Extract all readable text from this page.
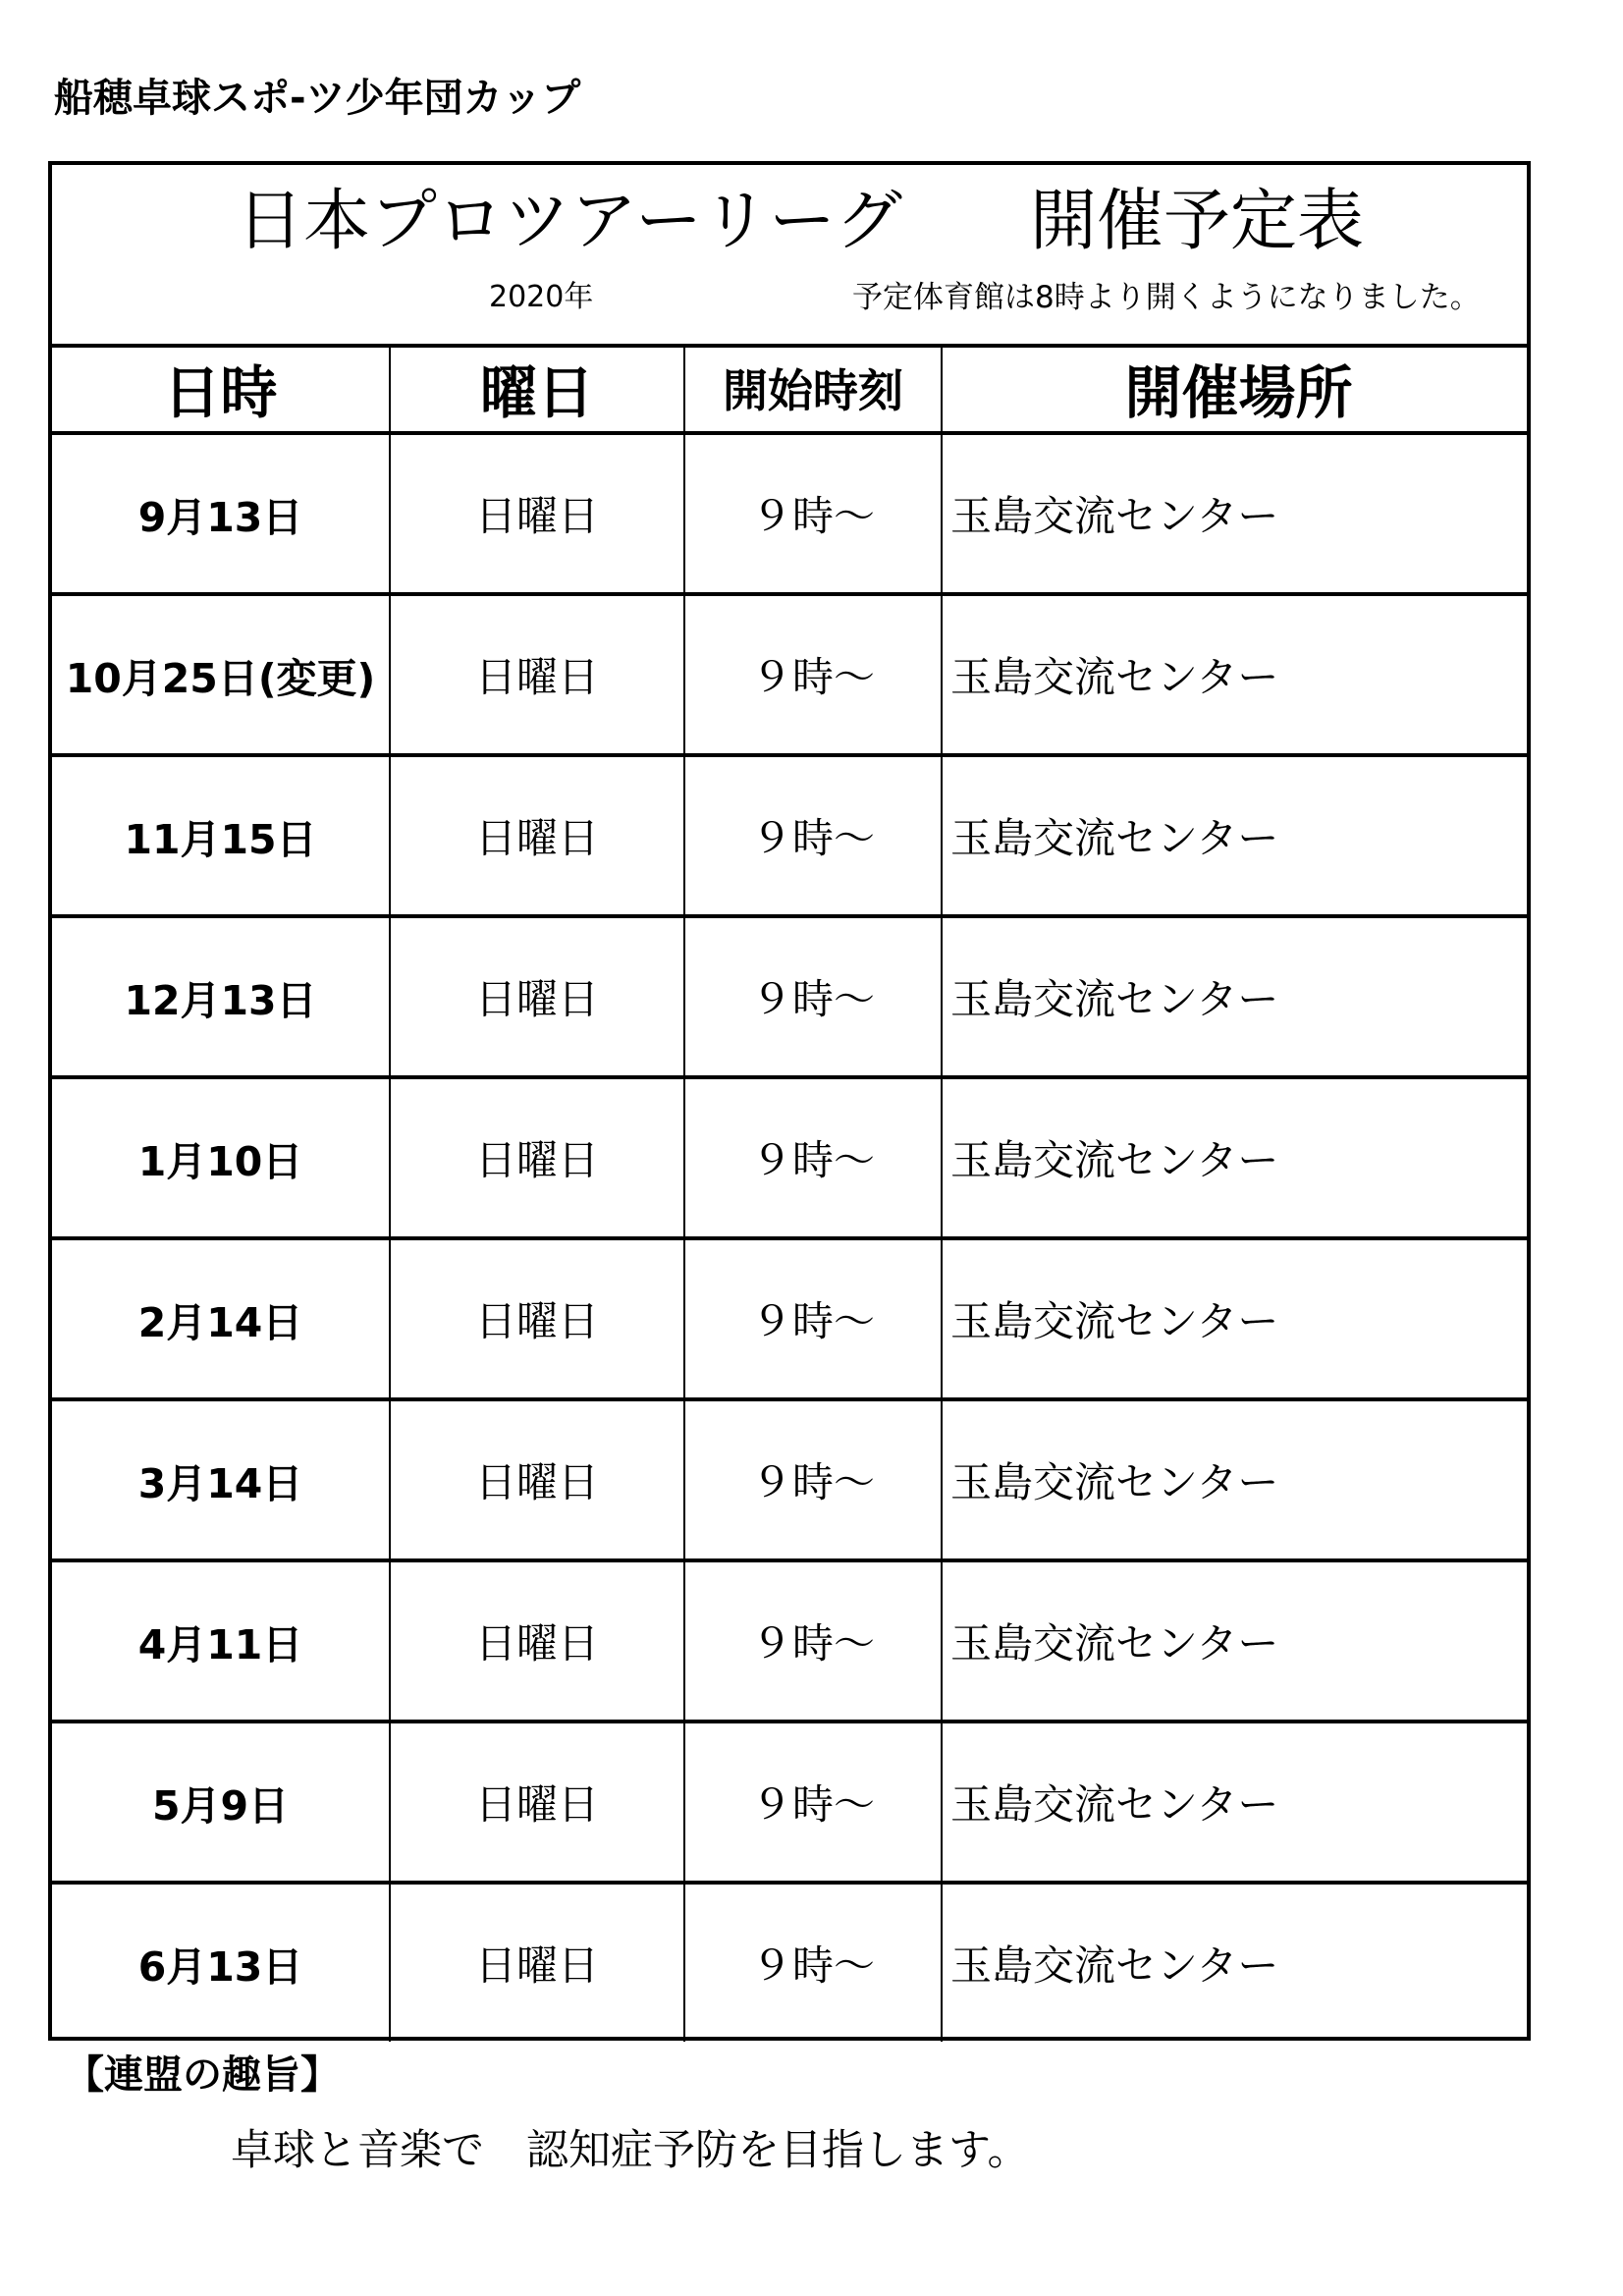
船穂卓球スポ-ツ少年団カップ
日本プロツアーリーグ 開催予定表
2020年	予定体育館は8時より開くようになりました。
日時	曜日	開始時刻	開催場所
9月13日	日曜日	９時～	玉島交流センター
10月25日(変更)	日曜日	９時～	玉島交流センター
11月15日	日曜日	９時～	玉島交流センター
12月13日	日曜日	９時～	玉島交流センター
1月10日	日曜日	９時～	玉島交流センター
2月14日	日曜日	９時～	玉島交流センター
3月14日	日曜日	９時～	玉島交流センター
4月11日	日曜日	９時～	玉島交流センター
5月9日	日曜日	９時～	玉島交流センター
6月13日	日曜日	９時～	玉島交流センター
【連盟の趣旨】
卓球と音楽で　認知症予防を目指します。
